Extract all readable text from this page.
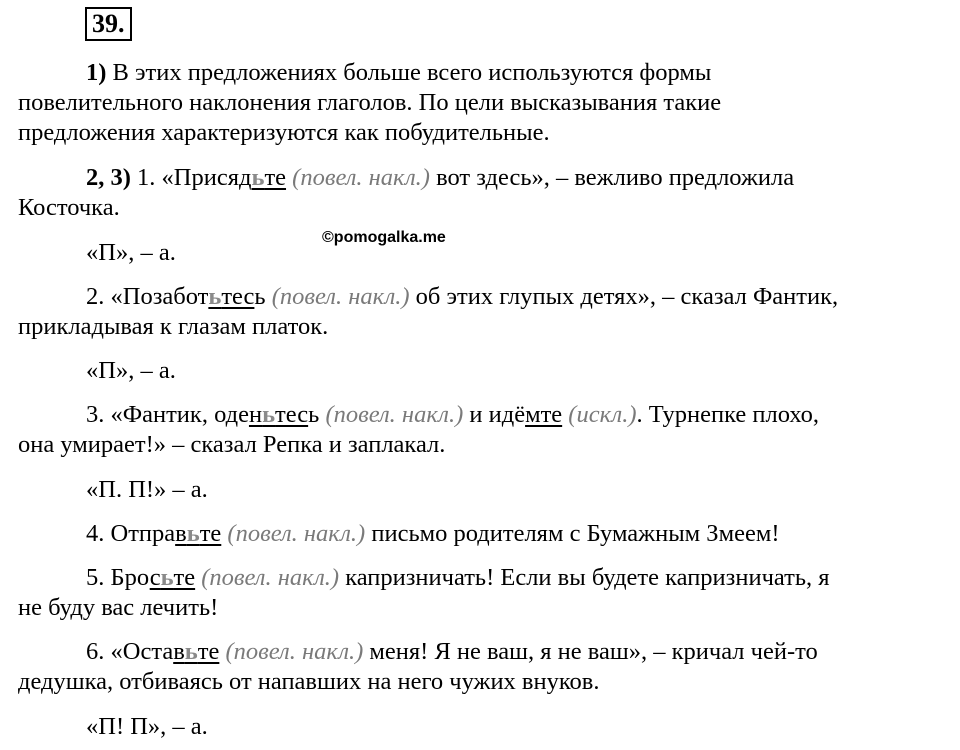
39.
©pomogalka.me
1) В этих предложениях больше всего используются формы
повелительного наклонения глаголов. По цели высказывания такие
предложения характеризуются как побудительные.
2, 3) 1. «Присядьте (повел. накл.) вот здесь», – вежливо предложила
Косточка.
«П», – а.
2. «Позаботьтесь (повел. накл.) об этих глупых детях», – сказал Фантик,
прикладывая к глазам платок.
«П», – а.
3. «Фантик, оденьтесь (повел. накл.) и идёмте (искл.). Турнепке плохо,
она умирает!» – сказал Репка и заплакал.
«П. П!» – а.
4. Отправьте (повел. накл.) письмо родителям с Бумажным Змеем!
5. Бросьте (повел. накл.) капризничать! Если вы будете капризничать, я
не буду вас лечить!
6. «Оставьте (повел. накл.) меня! Я не ваш, я не ваш», – кричал чей-то
дедушка, отбиваясь от напавших на него чужих внуков.
«П! П», – а.
